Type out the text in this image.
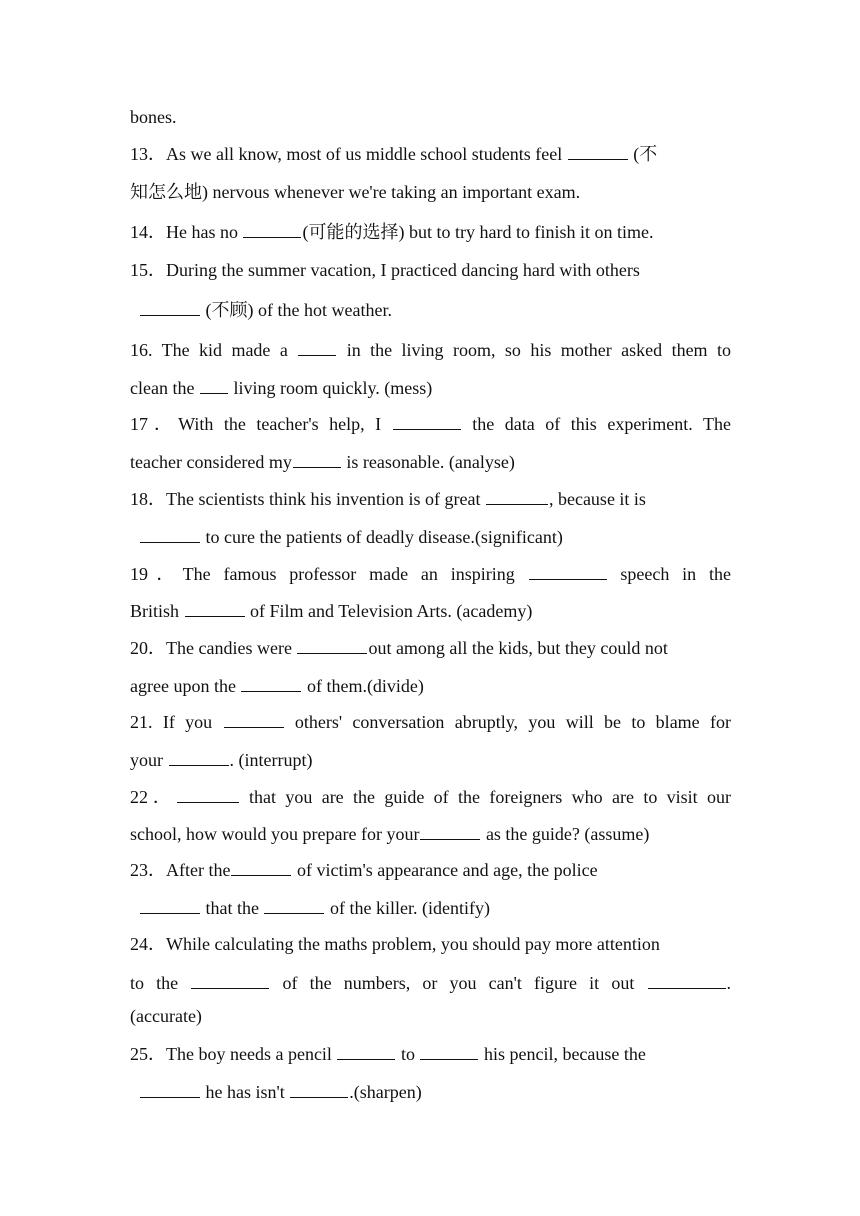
bones.
13．As we all know, most of us middle school students feel	(不
知怎么地) nervous whenever we're taking an important exam.
14．He has no	(可能的选择) but to try hard to finish it on time.
15．During the summer vacation, I practiced dancing hard with others
(不顾) of the hot weather.
16. The kid made a  in the living room, so his mother asked them to
clean the  living room quickly. (mess)
17．With the teacher's help, I	the data of this experiment. The
teacher considered my	is reasonable. (analyse)
18．The scientists think his invention is of great	, because it is
to cure the patients of deadly disease.(significant)
19．The famous professor made an inspiring	speech in the
British	of Film and Television Arts. (academy)
20．The candies were	out among all the kids, but they could not
agree upon the	of them.(divide)
21. If you	others' conversation abruptly, you will be to blame for
your	. (interrupt)
22．	that you are the guide of the foreigners who are to visit our
school, how would you prepare for your	as the guide? (assume)
23．After the	of victim's appearance and age, the police
that the	of the killer. (identify)
24．While calculating the maths problem, you should pay more attention
to the	of the numbers, or you can't figure it out	.
(accurate)
25．The boy needs a pencil	to	his pencil, because the
he has isn't	.(sharpen)
